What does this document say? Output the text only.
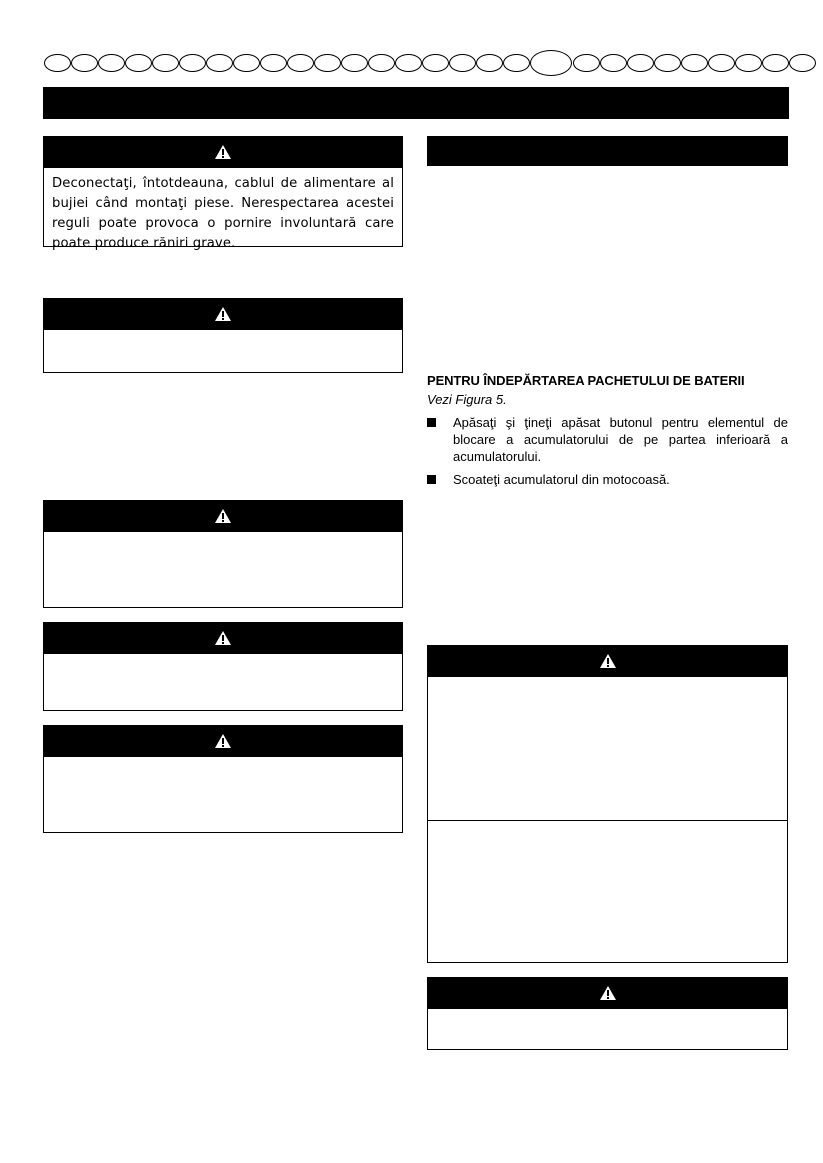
Deconectaţi, întotdeauna, cablul de alimentare al bujiei când montaţi piese. Nerespectarea acestei reguli poate provoca o pornire involuntară care poate produce răniri grave.
PENTRU ÎNDEPĂRTAREA PACHETULUI DE BATERII
Vezi Figura 5.
Apăsaţi şi ţineţi apăsat butonul pentru elementul de blocare a acumulatorului de pe partea inferioară a acumulatorului.
Scoateţi acumulatorul din motocoasă.
